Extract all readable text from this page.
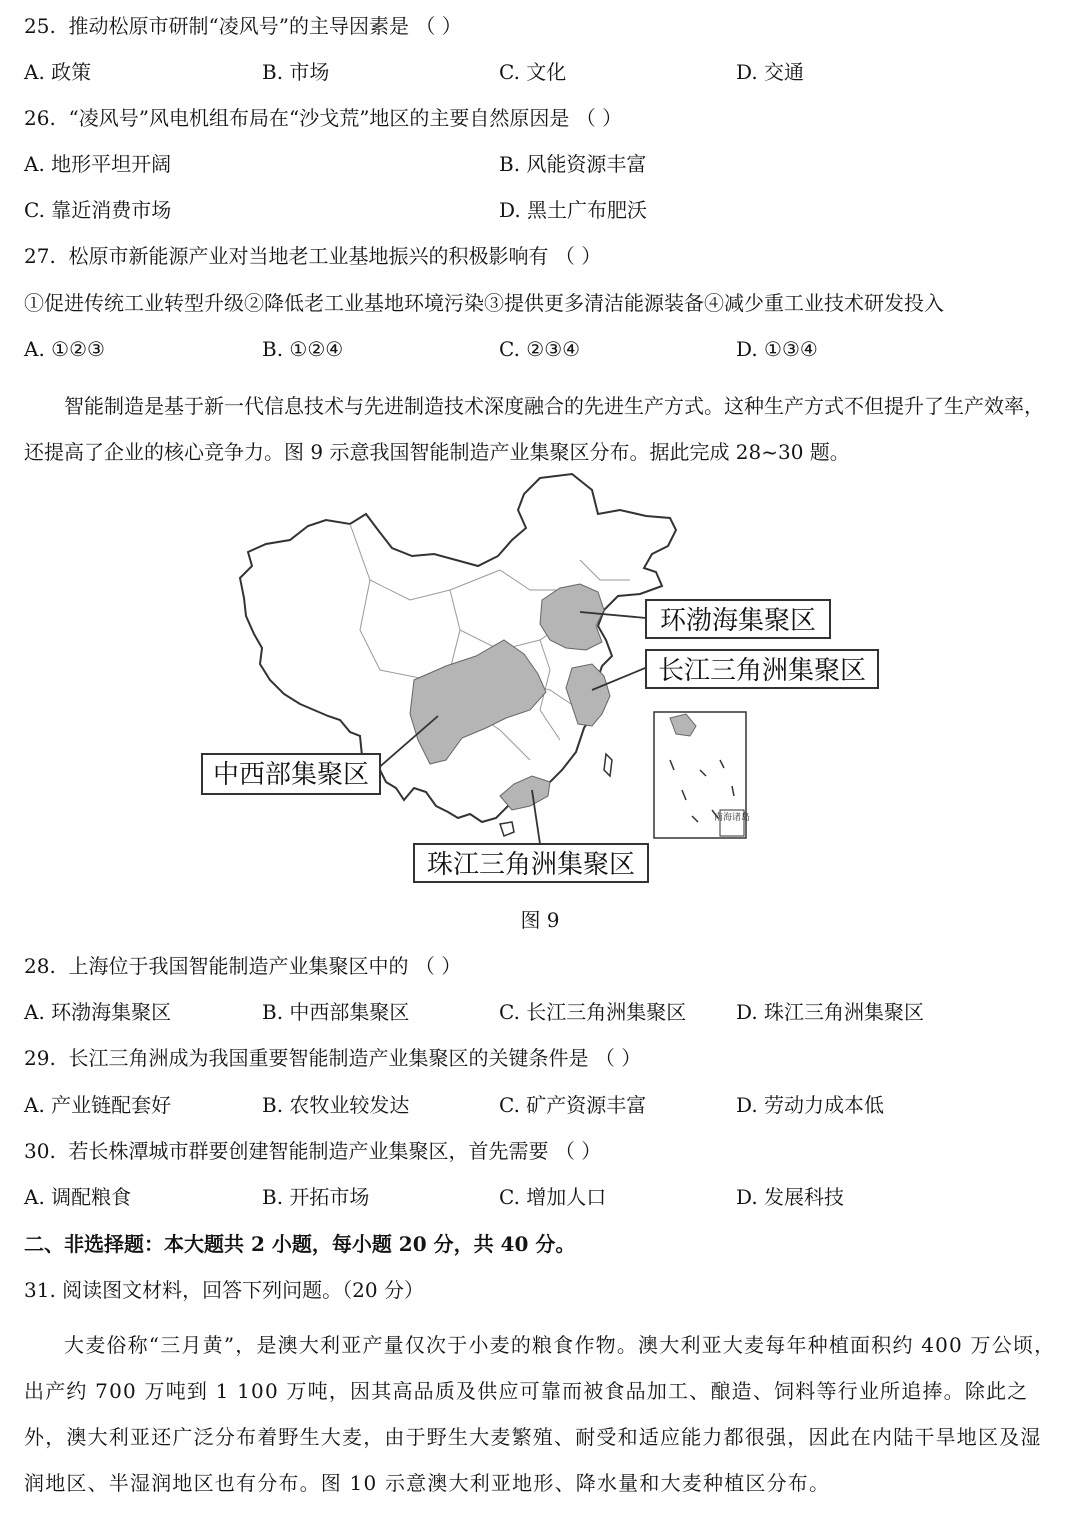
25. 推动松原市研制“凌风号”的主导因素是 （ ）
A. 政策	B. 市场	C. 文化	D. 交通
26. “凌风号”风电机组布局在“沙戈荒”地区的主要自然原因是 （ ）
A. 地形平坦开阔	B. 风能资源丰富
C. 靠近消费市场	D. 黑土广布肥沃
27. 松原市新能源产业对当地老工业基地振兴的积极影响有 （ ）
①促进传统工业转型升级②降低老工业基地环境污染③提供更多清洁能源装备④减少重工业技术研发投入
A. ①②③	B. ①②④	C. ②③④	D. ①③④
智能制造是基于新一代信息技术与先进制造技术深度融合的先进生产方式。这种生产方式不但提升了生产效率，还提高了企业的核心竞争力。图 9 示意我国智能制造产业集聚区分布。据此完成 28~30 题。
南海诸岛
环渤海集聚区
长江三角洲集聚区
中西部集聚区
珠江三角洲集聚区
图 9
28. 上海位于我国智能制造产业集聚区中的 （ ）
A. 环渤海集聚区	B. 中西部集聚区	C. 长江三角洲集聚区 D. 珠江三角洲集聚区
29. 长江三角洲成为我国重要智能制造产业集聚区的关键条件是 （ ）
A. 产业链配套好	B. 农牧业较发达	C. 矿产资源丰富	D. 劳动力成本低
30. 若长株潭城市群要创建智能制造产业集聚区，首先需要 （ ）
A. 调配粮食	B. 开拓市场	C. 增加人口	D. 发展科技
二、非选择题：本大题共 2 小题，每小题 20 分，共 40 分。
31. 阅读图文材料，回答下列问题。（20 分）
大麦俗称“三月黄”，是澳大利亚产量仅次于小麦的粮食作物。澳大利亚大麦每年种植面积约 400 万公顷，出产约 700 万吨到 1 100 万吨，因其高品质及供应可靠而被食品加工、酿造、饲料等行业所追捧。除此之外，澳大利亚还广泛分布着野生大麦，由于野生大麦繁殖、耐受和适应能力都很强，因此在内陆干旱地区及湿润地区、半湿润地区也有分布。图 10 示意澳大利亚地形、降水量和大麦种植区分布。
